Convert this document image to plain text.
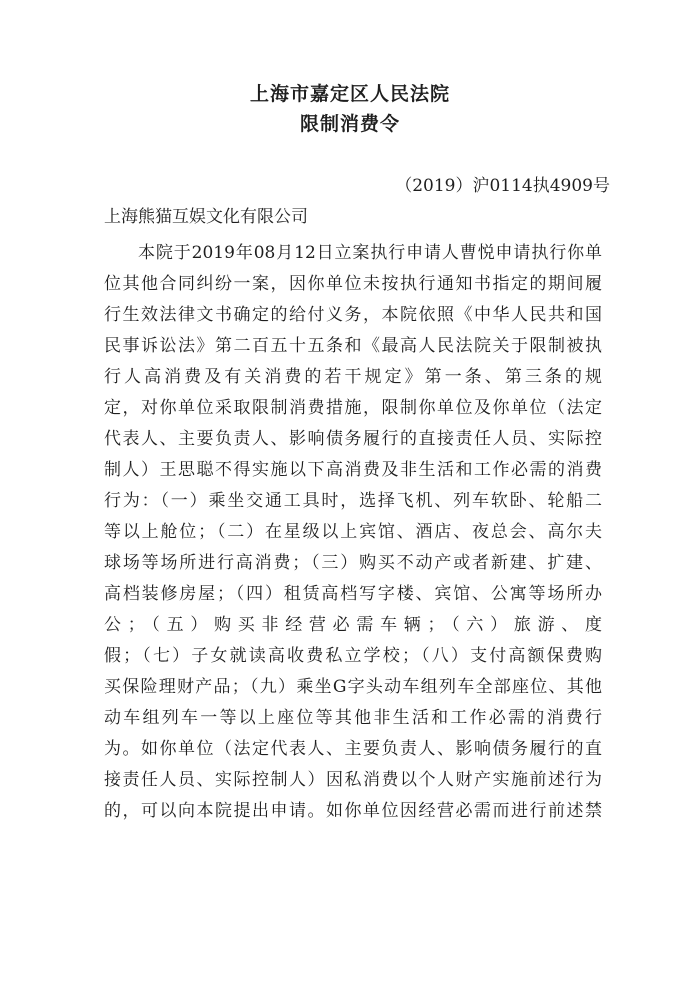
上海市嘉定区人民法院
限制消费令
（2019）沪0114执4909号
上海熊猫互娱文化有限公司
本院于2019年08月12日立案执行申请人曹悦申请执行你单
位其他合同纠纷一案，因你单位未按执行通知书指定的期间履
行生效法律文书确定的给付义务，本院依照《中华人民共和国
民事诉讼法》第二百五十五条和《最高人民法院关于限制被执
行人高消费及有关消费的若干规定》第一条、第三条的规
定，对你单位采取限制消费措施，限制你单位及你单位（法定
代表人、主要负责人、影响债务履行的直接责任人员、实际控
制人）王思聪不得实施以下高消费及非生活和工作必需的消费
行为：（一）乘坐交通工具时，选择飞机、列车软卧、轮船二
等以上舱位；（二）在星级以上宾馆、酒店、夜总会、高尔夫
球场等场所进行高消费；（三）购买不动产或者新建、扩建、
高档装修房屋；（四）租赁高档写字楼、宾馆、公寓等场所办
公；（五）购买非经营必需车辆；（六）旅游、度
假；（七）子女就读高收费私立学校；（八）支付高额保费购
买保险理财产品；（九）乘坐G字头动车组列车全部座位、其他
动车组列车一等以上座位等其他非生活和工作必需的消费行
为。如你单位（法定代表人、主要负责人、影响债务履行的直
接责任人员、实际控制人）因私消费以个人财产实施前述行为
的，可以向本院提出申请。如你单位因经营必需而进行前述禁
